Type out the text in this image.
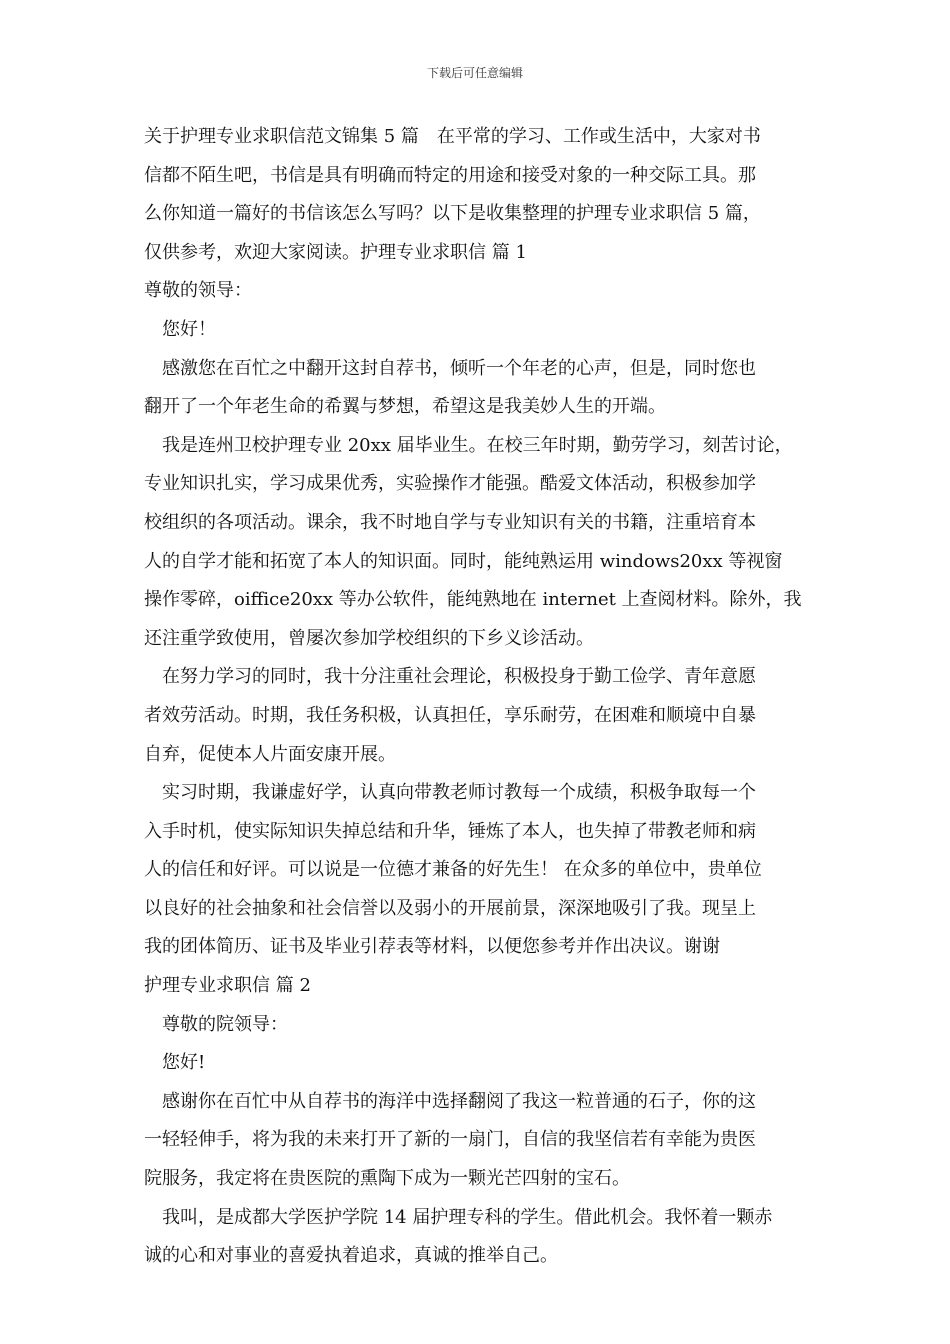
下载后可任意编辑
关于护理专业求职信范文锦集 5 篇　在平常的学习、工作或生活中，大家对书
信都不陌生吧，书信是具有明确而特定的用途和接受对象的一种交际工具。那
么你知道一篇好的书信该怎么写吗？以下是收集整理的护理专业求职信 5 篇，
仅供参考，欢迎大家阅读。护理专业求职信 篇 1
尊敬的领导：
您好！
感激您在百忙之中翻开这封自荐书，倾听一个年老的心声，但是，同时您也
翻开了一个年老生命的希翼与梦想，希望这是我美妙人生的开端。
我是连州卫校护理专业 20xx 届毕业生。在校三年时期，勤劳学习，刻苦讨论，
专业知识扎实，学习成果优秀，实验操作才能强。酷爱文体活动，积极参加学
校组织的各项活动。课余，我不时地自学与专业知识有关的书籍，注重培育本
人的自学才能和拓宽了本人的知识面。同时，能纯熟运用 windows20xx 等视窗
操作零碎，oiffice20xx 等办公软件，能纯熟地在 internet 上查阅材料。除外，我
还注重学致使用，曾屡次参加学校组织的下乡义诊活动。
在努力学习的同时，我十分注重社会理论，积极投身于勤工俭学、青年意愿
者效劳活动。时期，我任务积极，认真担任，享乐耐劳，在困难和顺境中自暴
自弃，促使本人片面安康开展。
实习时期，我谦虚好学，认真向带教老师讨教每一个成绩，积极争取每一个
入手时机，使实际知识失掉总结和升华，锤炼了本人，也失掉了带教老师和病
人的信任和好评。可以说是一位德才兼备的好先生！ 在众多的单位中，贵单位
以良好的社会抽象和社会信誉以及弱小的开展前景，深深地吸引了我。现呈上
我的团体简历、证书及毕业引荐表等材料，以便您参考并作出决议。谢谢
护理专业求职信 篇 2
尊敬的院领导：
您好!
感谢你在百忙中从自荐书的海洋中选择翻阅了我这一粒普通的石子，你的这
一轻轻伸手，将为我的未来打开了新的一扇门，自信的我坚信若有幸能为贵医
院服务，我定将在贵医院的熏陶下成为一颗光芒四射的宝石。
我叫，是成都大学医护学院 14 届护理专科的学生。借此机会。我怀着一颗赤
诚的心和对事业的喜爱执着追求，真诚的推举自己。
